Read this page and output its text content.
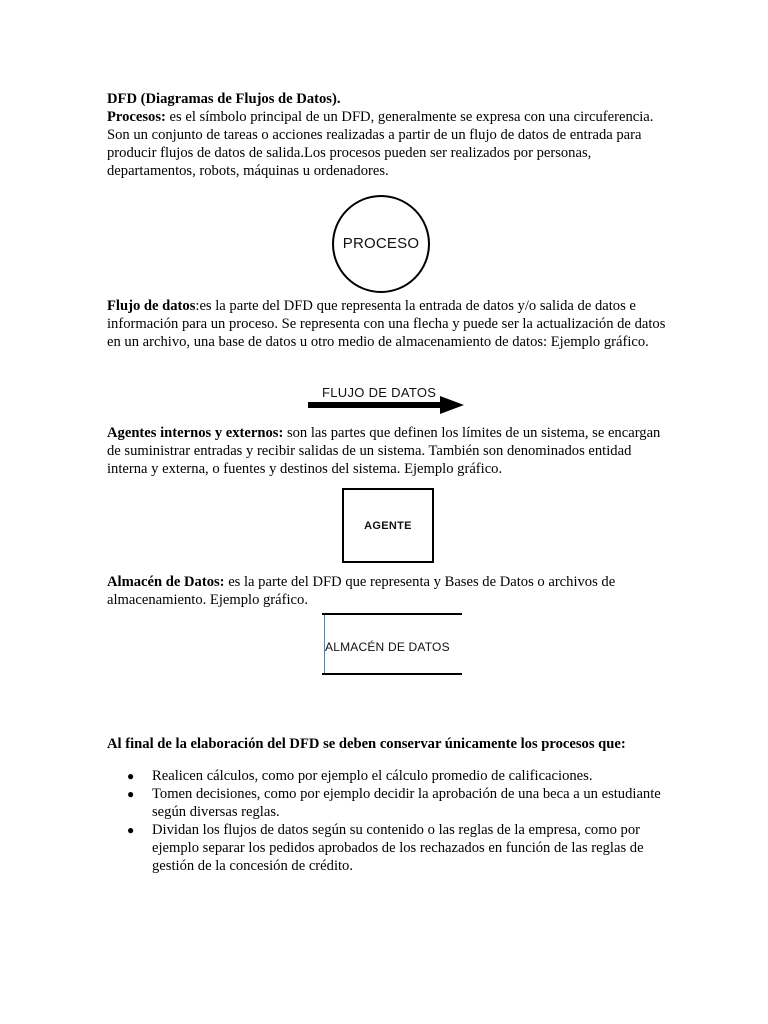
DFD (Diagramas de Flujos de Datos).

Procesos: es el símbolo principal de un DFD, generalmente se expresa con una circuferencia.

Son un conjunto de tareas o acciones realizadas a partir de un flujo de datos de entrada para producir flujos de datos de salida.Los procesos pueden ser realizados por personas, departamentos, robots, máquinas u ordenadores.

PROCESO

Flujo de datos:es la parte del DFD que representa la entrada de datos y/o salida de datos e información para un proceso. Se representa con una flecha y puede ser la actualización de datos en un archivo, una base de datos u otro medio de almacenamiento de datos: Ejemplo gráfico.

FLUJO DE DATOS

Agentes internos y externos: son las partes que definen los límites de un sistema, se encargan de suministrar entradas y recibir salidas de un sistema. También son denominados entidad interna y externa, o fuentes y destinos del sistema. Ejemplo gráfico.

AGENTE

Almacén de Datos: es la parte del DFD que representa y Bases de Datos o archivos de almacenamiento. Ejemplo gráfico.

ALMACÉN DE DATOS

Al final de la elaboración del DFD se deben conservar únicamente los procesos que:

● Realicen cálculos, como por ejemplo el cálculo promedio de calificaciones.
● Tomen decisiones, como por ejemplo decidir la aprobación de una beca a un estudiante según diversas reglas.
● Dividan los flujos de datos según su contenido o las reglas de la empresa, como por ejemplo separar los pedidos aprobados de los rechazados en función de las reglas de gestión de la concesión de crédito.
